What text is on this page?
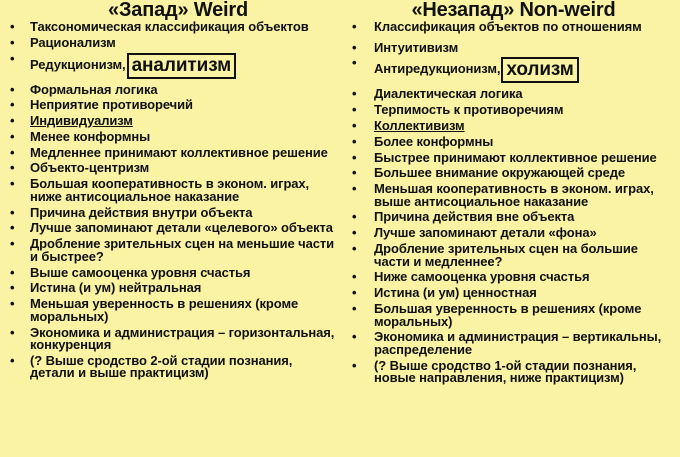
«Запад» Weird
• Таксономическая классификация объектов
• Рационализм
• Редукционизм, аналитизм
• Формальная логика
• Неприятие противоречий
• Индивидуализм
• Менее конформны
• Медленнее принимают коллективное решение
• Объекто-центризм
• Большая кооперативность в эконом. играх, ниже антисоциальное наказание
• Причина действия внутри объекта
• Лучше запоминают детали «целевого» объекта
• Дробление зрительных сцен на меньшие части и быстрее?
• Выше самооценка уровня счастья
• Истина (и ум) нейтральная
• Меньшая уверенность в решениях (кроме моральных)
• Экономика и администрация – горизонтальная, конкуренция
• (? Выше сродство 2-ой стадии познания, детали и выше практицизм)
«Незапад» Non-weird
• Классификация объектов по отношениям
• Интуитивизм
• Антиредукционизм, холизм
• Диалектическая логика
• Терпимость к противоречиям
• Коллективизм
• Более конформны
• Быстрее принимают коллективное решение
• Большее внимание окружающей среде
• Меньшая кооперативность в эконом. играх, выше антисоциальное наказание
• Причина действия вне объекта
• Лучше запоминают детали «фона»
• Дробление зрительных сцен на большие части и медленнее?
• Ниже самооценка уровня счастья
• Истина (и ум) ценностная
• Большая уверенность в решениях (кроме моральных)
• Экономика и администрация – вертикальны, распределение
• (? Выше сродство 1-ой стадии познания, новые направления, ниже практицизм)
